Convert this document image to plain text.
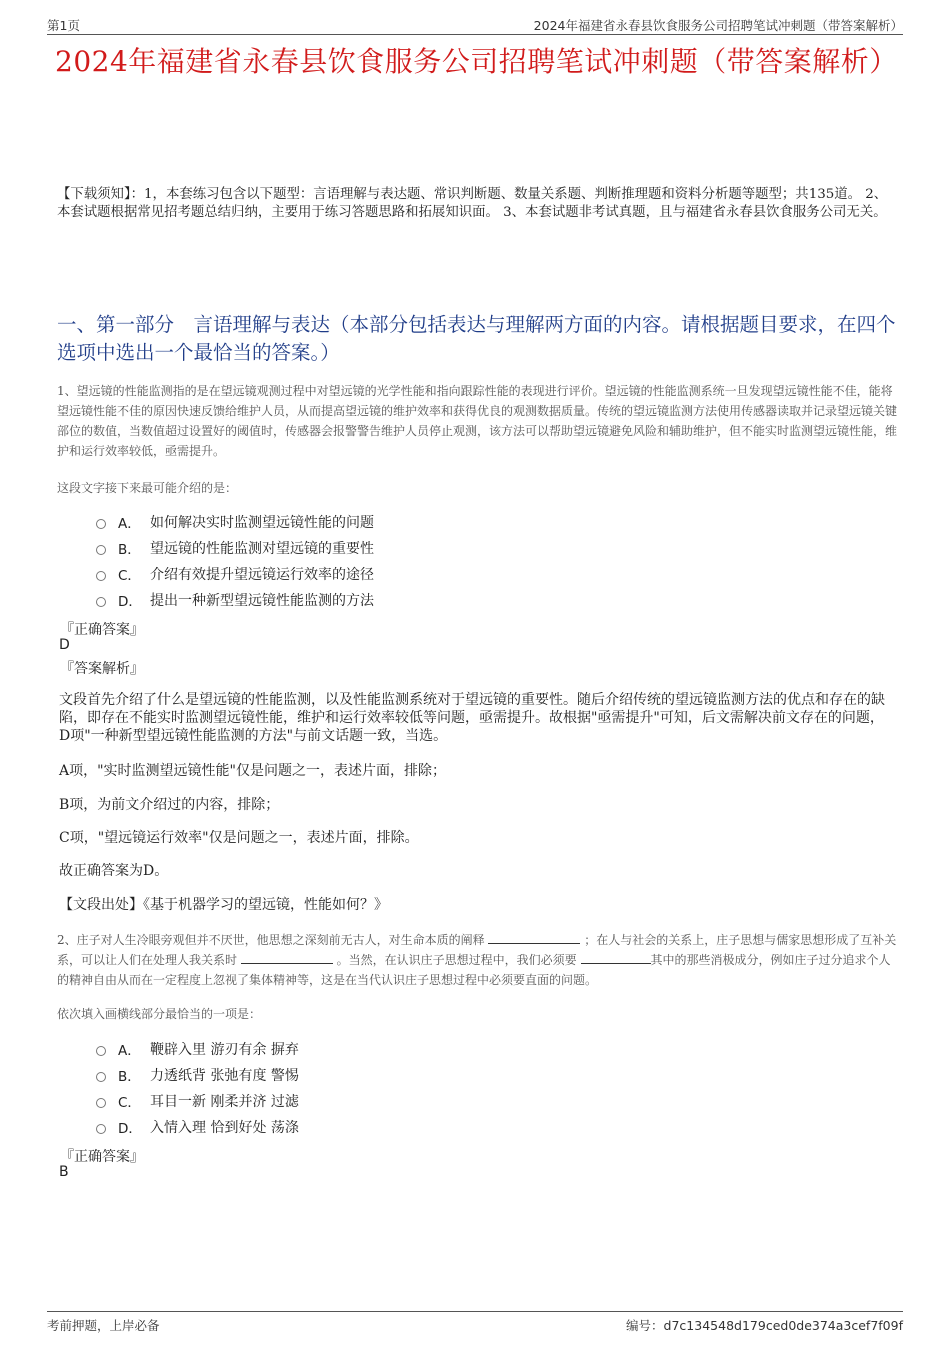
第1页	2024年福建省永春县饮食服务公司招聘笔试冲刺题（带答案解析）
2024年福建省永春县饮食服务公司招聘笔试冲刺题（带答案解析）
【下载须知】：1，本套练习包含以下题型：言语理解与表达题、常识判断题、数量关系题、判断推理题和资料分析题等题型；共135道。 2、本套试题根据常见招考题总结归纳，主要用于练习答题思路和拓展知识面。 3、本套试题非考试真题，且与福建省永春县饮食服务公司无关。
一、第一部分　言语理解与表达（本部分包括表达与理解两方面的内容。请根据题目要求，在四个选项中选出一个最恰当的答案。）
1、望远镜的性能监测指的是在望远镜观测过程中对望远镜的光学性能和指向跟踪性能的表现进行评价。望远镜的性能监测系统一旦发现望远镜性能不佳，能将望远镜性能不佳的原因快速反馈给维护人员，从而提高望远镜的维护效率和获得优良的观测数据质量。传统的望远镜监测方法使用传感器读取并记录望远镜关键部位的数值，当数值超过设置好的阈值时，传感器会报警警告维护人员停止观测，该方法可以帮助望远镜避免风险和辅助维护，但不能实时监测望远镜性能，维护和运行效率较低，亟需提升。
这段文字接下来最可能介绍的是：
A． 如何解决实时监测望远镜性能的问题
B． 望远镜的性能监测对望远镜的重要性
C． 介绍有效提升望远镜运行效率的途径
D． 提出一种新型望远镜性能监测的方法
『正确答案』
D
『答案解析』
文段首先介绍了什么是望远镜的性能监测，以及性能监测系统对于望远镜的重要性。随后介绍传统的望远镜监测方法的优点和存在的缺陷，即存在不能实时监测望远镜性能，维护和运行效率较低等问题，亟需提升。故根据"亟需提升"可知，后文需解决前文存在的问题，D项"一种新型望远镜性能监测的方法"与前文话题一致，当选。
A项，"实时监测望远镜性能"仅是问题之一，表述片面，排除；
B项，为前文介绍过的内容，排除；
C项，"望远镜运行效率"仅是问题之一，表述片面，排除。
故正确答案为D。
【文段出处】《基于机器学习的望远镜，性能如何？》
2、庄子对人生冷眼旁观但并不厌世，他思想之深刻前无古人，对生命本质的阐释	；在人与社会的关系上，庄子思想与儒家思想形成了互补关系，可以让人们在处理人我关系时	。当然，在认识庄子思想过程中，我们必须要	其中的那些消极成分，例如庄子过分追求个人的精神自由从而在一定程度上忽视了集体精神等，这是在当代认识庄子思想过程中必须要直面的问题。
依次填入画横线部分最恰当的一项是：
A． 鞭辟入里 游刃有余 摒弃
B． 力透纸背 张弛有度 警惕
C． 耳目一新 刚柔并济 过滤
D． 入情入理 恰到好处 荡涤
『正确答案』
B
考前押题，上岸必备	编号：d7c134548d179ced0de374a3cef7f09f
